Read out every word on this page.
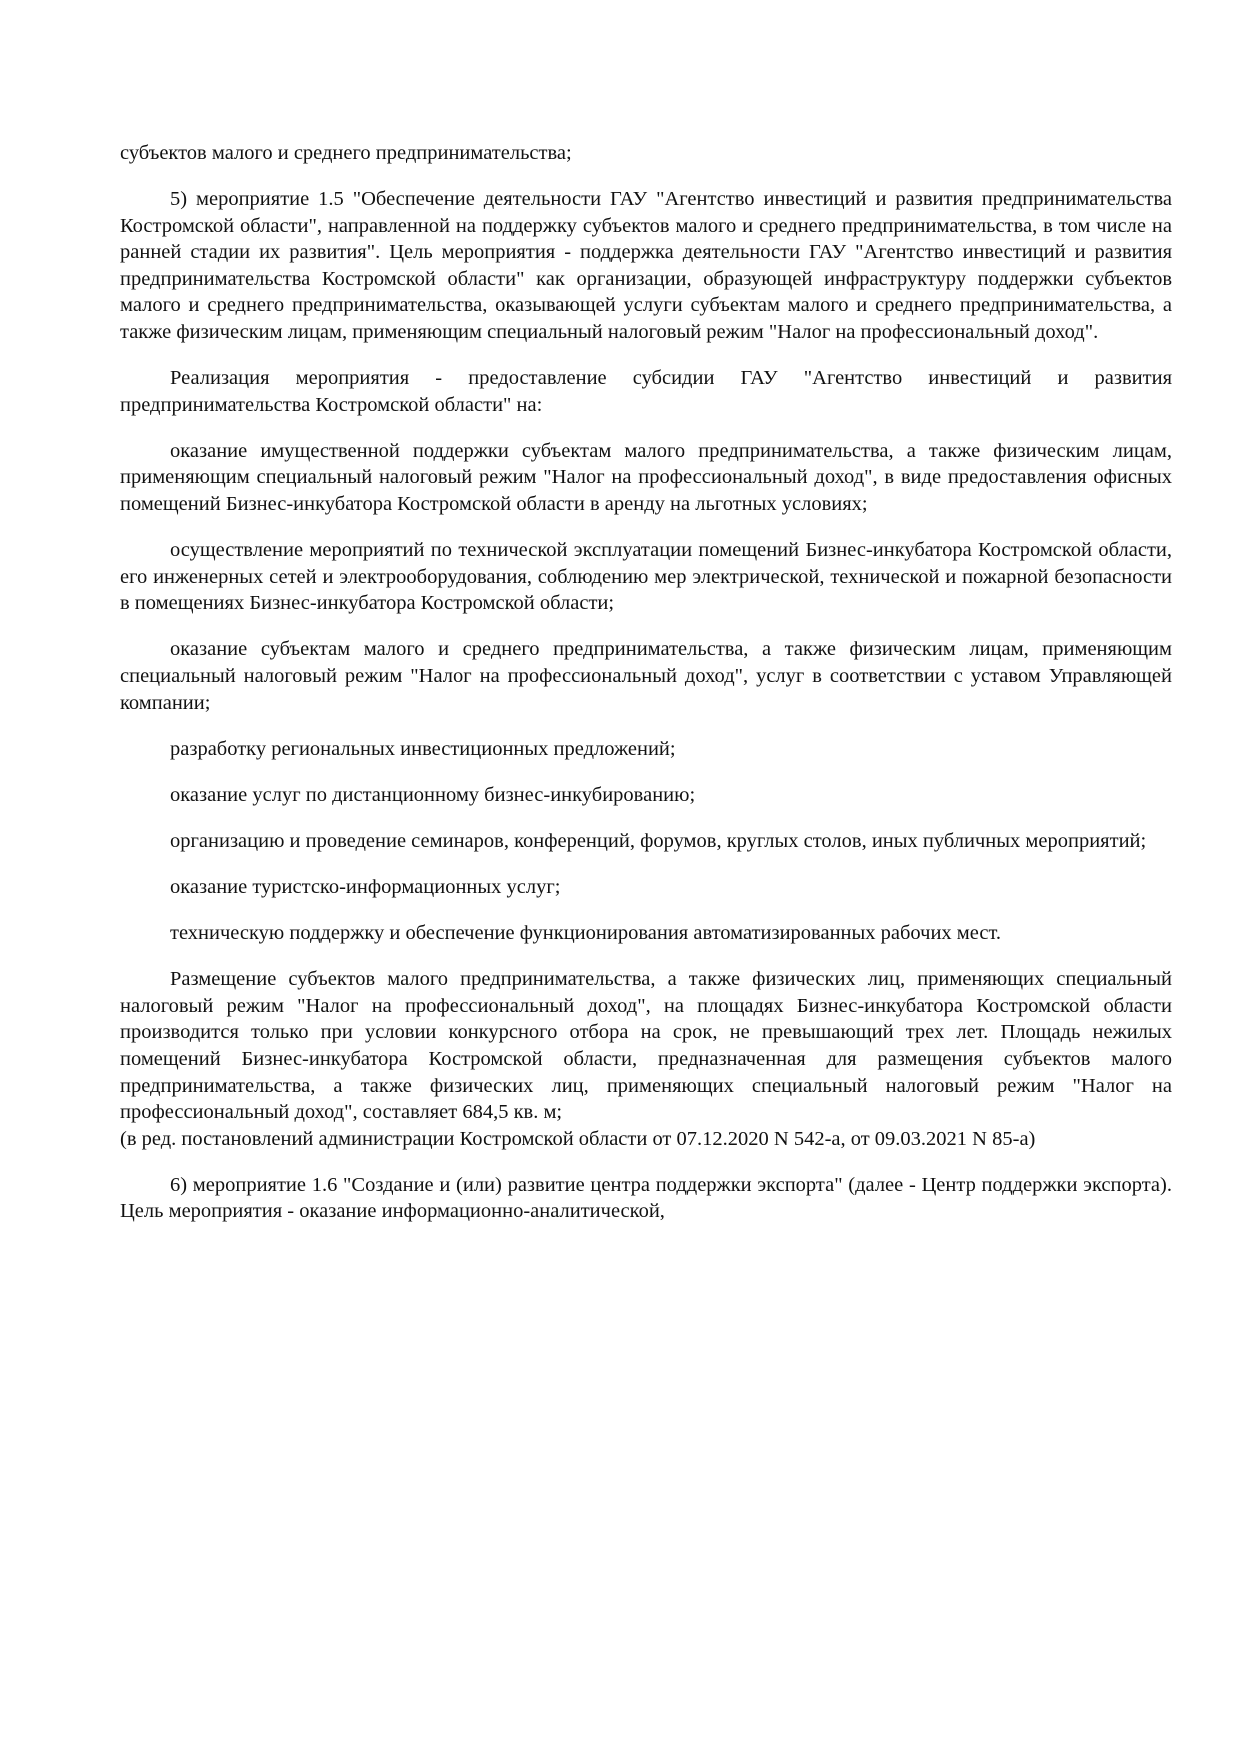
субъектов малого и среднего предпринимательства;

5) мероприятие 1.5 "Обеспечение деятельности ГАУ "Агентство инвестиций и развития предпринимательства Костромской области", направленной на поддержку субъектов малого и среднего предпринимательства, в том числе на ранней стадии их развития". Цель мероприятия - поддержка деятельности ГАУ "Агентство инвестиций и развития предпринимательства Костромской области" как организации, образующей инфраструктуру поддержки субъектов малого и среднего предпринимательства, оказывающей услуги субъектам малого и среднего предпринимательства, а также физическим лицам, применяющим специальный налоговый режим "Налог на профессиональный доход".

Реализация мероприятия - предоставление субсидии ГАУ "Агентство инвестиций и развития предпринимательства Костромской области" на:

оказание имущественной поддержки субъектам малого предпринимательства, а также физическим лицам, применяющим специальный налоговый режим "Налог на профессиональный доход", в виде предоставления офисных помещений Бизнес-инкубатора Костромской области в аренду на льготных условиях;

осуществление мероприятий по технической эксплуатации помещений Бизнес-инкубатора Костромской области, его инженерных сетей и электрооборудования, соблюдению мер электрической, технической и пожарной безопасности в помещениях Бизнес-инкубатора Костромской области;

оказание субъектам малого и среднего предпринимательства, а также физическим лицам, применяющим специальный налоговый режим "Налог на профессиональный доход", услуг в соответствии с уставом Управляющей компании;

разработку региональных инвестиционных предложений;

оказание услуг по дистанционному бизнес-инкубированию;

организацию и проведение семинаров, конференций, форумов, круглых столов, иных публичных мероприятий;

оказание туристско-информационных услуг;

техническую поддержку и обеспечение функционирования автоматизированных рабочих мест.

Размещение субъектов малого предпринимательства, а также физических лиц, применяющих специальный налоговый режим "Налог на профессиональный доход", на площадях Бизнес-инкубатора Костромской области производится только при условии конкурсного отбора на срок, не превышающий трех лет. Площадь нежилых помещений Бизнес-инкубатора Костромской области, предназначенная для размещения субъектов малого предпринимательства, а также физических лиц, применяющих специальный налоговый режим "Налог на профессиональный доход", составляет 684,5 кв. м;

(в ред. постановлений администрации Костромской области от 07.12.2020 N 542-а, от 09.03.2021 N 85-а)

6) мероприятие 1.6 "Создание и (или) развитие центра поддержки экспорта" (далее - Центр поддержки экспорта). Цель мероприятия - оказание информационно-аналитической,
